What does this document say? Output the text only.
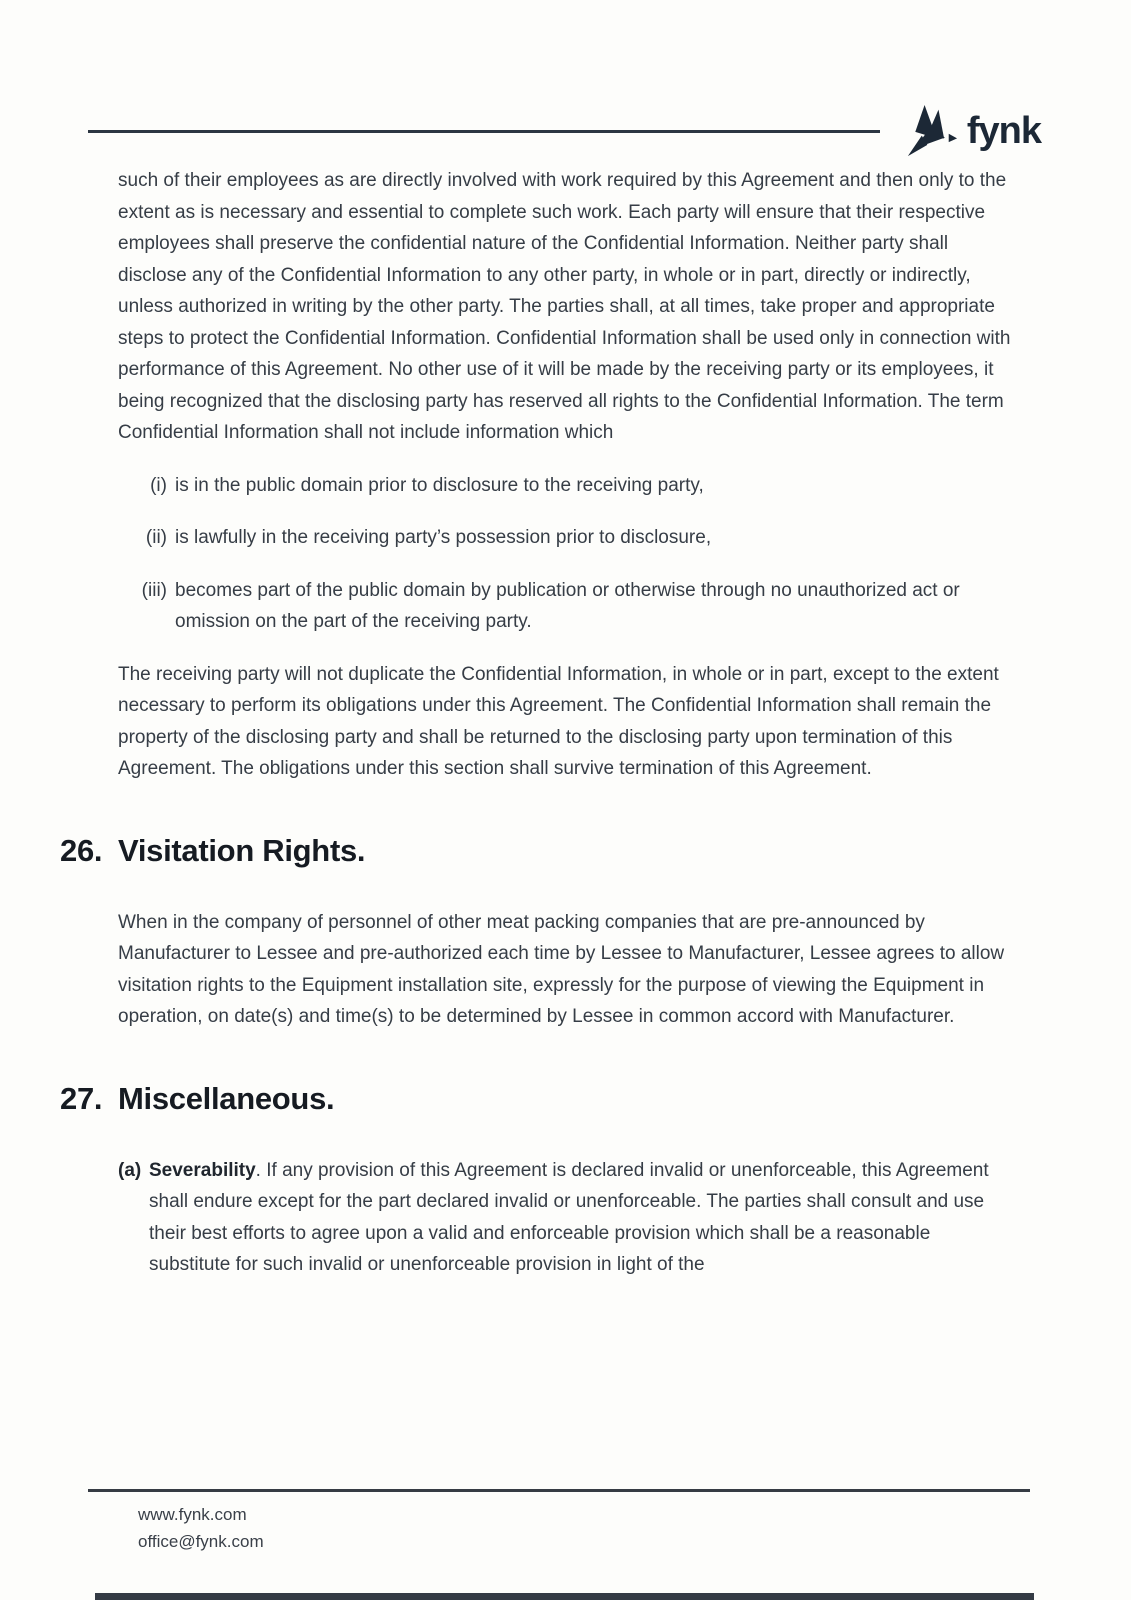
fynk

such of their employees as are directly involved with work required by this Agreement and then only to the extent as is necessary and essential to complete such work. Each party will ensure that their respective employees shall preserve the confidential nature of the Confidential Information. Neither party shall disclose any of the Confidential Information to any other party, in whole or in part, directly or indirectly, unless authorized in writing by the other party. The parties shall, at all times, take proper and appropriate steps to protect the Confidential Information. Confidential Information shall be used only in connection with performance of this Agreement. No other use of it will be made by the receiving party or its employees, it being recognized that the disclosing party has reserved all rights to the Confidential Information. The term Confidential Information shall not include information which

(i) is in the public domain prior to disclosure to the receiving party,
(ii) is lawfully in the receiving party’s possession prior to disclosure,
(iii) becomes part of the public domain by publication or otherwise through no unauthorized act or omission on the part of the receiving party.

The receiving party will not duplicate the Confidential Information, in whole or in part, except to the extent necessary to perform its obligations under this Agreement. The Confidential Information shall remain the property of the disclosing party and shall be returned to the disclosing party upon termination of this Agreement. The obligations under this section shall survive termination of this Agreement.

26. Visitation Rights.

When in the company of personnel of other meat packing companies that are pre-announced by Manufacturer to Lessee and pre-authorized each time by Lessee to Manufacturer, Lessee agrees to allow visitation rights to the Equipment installation site, expressly for the purpose of viewing the Equipment in operation, on date(s) and time(s) to be determined by Lessee in common accord with Manufacturer.

27. Miscellaneous.
(a) Severability. If any provision of this Agreement is declared invalid or unenforceable, this Agreement shall endure except for the part declared invalid or unenforceable. The parties shall consult and use their best efforts to agree upon a valid and enforceable provision which shall be a reasonable substitute for such invalid or unenforceable provision in light of the

www.fynk.com
office@fynk.com
